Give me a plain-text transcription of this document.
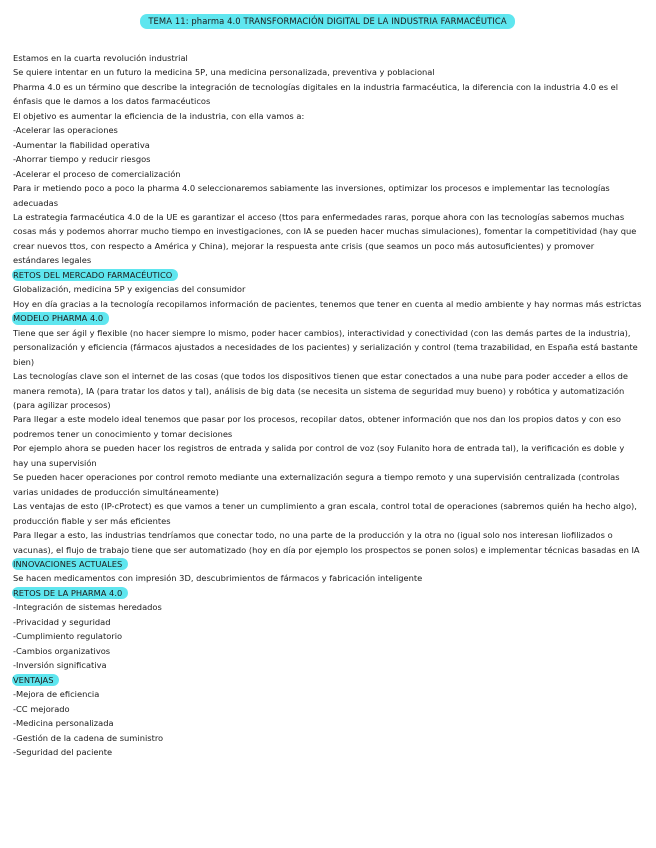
TEMA 11: pharma 4.0 TRANSFORMACIÓN DIGITAL DE LA INDUSTRIA FARMACÉUTICA

Estamos en la cuarta revolución industrial

Se quiere intentar en un futuro la medicina 5P, una medicina personalizada, preventiva y poblacional

Pharma 4.0 es un término que describe la integración de tecnologías digitales en la industria farmacéutica, la diferencia con la industria 4.0 es el énfasis que le damos a los datos farmacéuticos

El objetivo es aumentar la eficiencia de la industria, con ella vamos a:

-Acelerar las operaciones

-Aumentar la fiabilidad operativa

-Ahorrar tiempo y reducir riesgos

-Acelerar el proceso de comercialización

Para ir metiendo poco a poco la pharma 4.0 seleccionaremos sabiamente las inversiones, optimizar los procesos e implementar las tecnologías adecuadas

La estrategia farmacéutica 4.0 de la UE es garantizar el acceso (ttos para enfermedades raras, porque ahora con las tecnologías sabemos muchas cosas más y podemos ahorrar mucho tiempo en investigaciones, con IA se pueden hacer muchas simulaciones), fomentar la competitividad (hay que crear nuevos ttos, con respecto a América y China), mejorar la respuesta ante crisis (que seamos un poco más autosuficientes) y promover estándares legales

RETOS DEL MERCADO FARMACÉUTICO

Globalización, medicina 5P y exigencias del consumidor

Hoy en día gracias a la tecnología recopilamos información de pacientes, tenemos que tener en cuenta al medio ambiente y hay normas más estrictas

MODELO PHARMA 4.0

Tiene que ser ágil y flexible (no hacer siempre lo mismo, poder hacer cambios), interactividad y conectividad (con las demás partes de la industria), personalización y eficiencia (fármacos ajustados a necesidades de los pacientes) y serialización y control (tema trazabilidad, en España está bastante bien)

Las tecnologías clave son el internet de las cosas (que todos los dispositivos tienen que estar conectados a una nube para poder acceder a ellos de manera remota), IA (para tratar los datos y tal), análisis de big data (se necesita un sistema de seguridad muy bueno) y robótica y automatización (para agilizar procesos)

Para llegar a este modelo ideal tenemos que pasar por los procesos, recopilar datos, obtener información que nos dan los propios datos y con eso podremos tener un conocimiento y tomar decisiones

Por ejemplo ahora se pueden hacer los registros de entrada y salida por control de voz (soy Fulanito hora de entrada tal), la verificación es doble y hay una supervisión

Se pueden hacer operaciones por control remoto mediante una externalización segura a tiempo remoto y una supervisión centralizada (controlas varias unidades de producción simultáneamente)

Las ventajas de esto (IP-cProtect) es que vamos a tener un cumplimiento a gran escala, control total de operaciones (sabremos quién ha hecho algo), producción fiable y ser más eficientes

Para llegar a esto, las industrias tendríamos que conectar todo, no una parte de la producción y la otra no (igual solo nos interesan liofilizados o vacunas), el flujo de trabajo tiene que ser automatizado (hoy en día por ejemplo los prospectos se ponen solos) e implementar técnicas basadas en IA

INNOVACIONES ACTUALES

Se hacen medicamentos con impresión 3D, descubrimientos de fármacos y fabricación inteligente

RETOS DE LA PHARMA 4.0

-Integración de sistemas heredados

-Privacidad y seguridad

-Cumplimiento regulatorio

-Cambios organizativos

-Inversión significativa

VENTAJAS

-Mejora de eficiencia

-CC mejorado

-Medicina personalizada

-Gestión de la cadena de suministro

-Seguridad del paciente
